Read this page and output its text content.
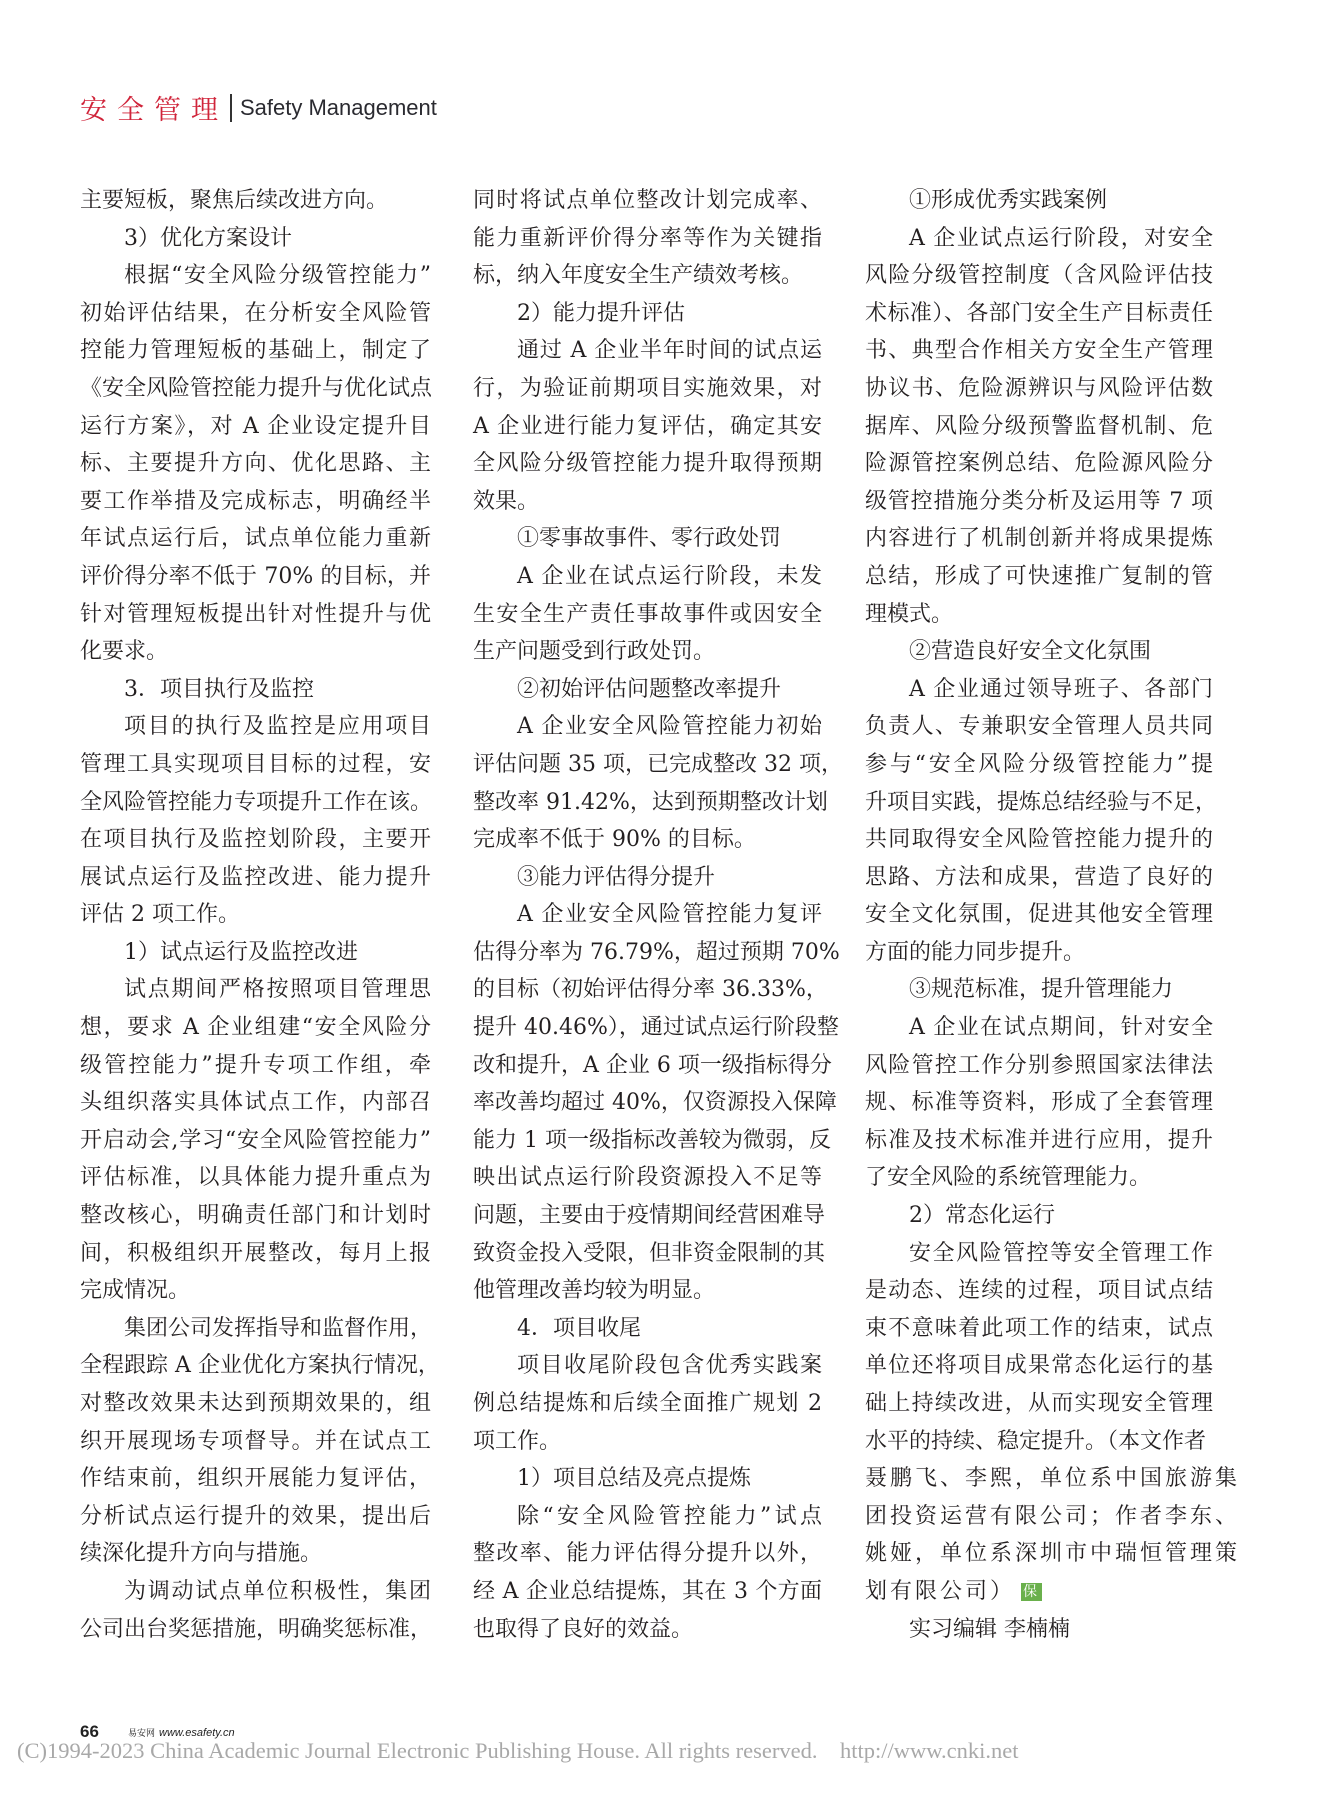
安全管理 Safety Management
主要短板，聚焦后续改进方向。
3）优化方案设计
根据“安全风险分级管控能力”
初始评估结果，在分析安全风险管
控能力管理短板的基础上，制定了
《安全风险管控能力提升与优化试点
运行方案》，对 A 企业设定提升目
标、主要提升方向、优化思路、主
要工作举措及完成标志，明确经半
年试点运行后，试点单位能力重新
评价得分率不低于 70% 的目标，并
针对管理短板提出针对性提升与优
化要求。
3．项目执行及监控
项目的执行及监控是应用项目
管理工具实现项目目标的过程，安
全风险管控能力专项提升工作在该。
在项目执行及监控划阶段，主要开
展试点运行及监控改进、能力提升
评估 2 项工作。
1）试点运行及监控改进
试点期间严格按照项目管理思
想，要求 A 企业组建“安全风险分
级管控能力”提升专项工作组，牵
头组织落实具体试点工作，内部召
开启动会,学习“安全风险管控能力”
评估标准，以具体能力提升重点为
整改核心，明确责任部门和计划时
间，积极组织开展整改，每月上报
完成情况。
集团公司发挥指导和监督作用，
全程跟踪 A 企业优化方案执行情况，
对整改效果未达到预期效果的，组
织开展现场专项督导。并在试点工
作结束前，组织开展能力复评估，
分析试点运行提升的效果，提出后
续深化提升方向与措施。
为调动试点单位积极性，集团
公司出台奖惩措施，明确奖惩标准，
同时将试点单位整改计划完成率、
能力重新评价得分率等作为关键指
标，纳入年度安全生产绩效考核。
2）能力提升评估
通过 A 企业半年时间的试点运
行，为验证前期项目实施效果，对
A 企业进行能力复评估，确定其安
全风险分级管控能力提升取得预期
效果。
①零事故事件、零行政处罚
A 企业在试点运行阶段，未发
生安全生产责任事故事件或因安全
生产问题受到行政处罚。
②初始评估问题整改率提升
A 企业安全风险管控能力初始
评估问题 35 项，已完成整改 32 项，
整改率 91.42%，达到预期整改计划
完成率不低于 90% 的目标。
③能力评估得分提升
A 企业安全风险管控能力复评
估得分率为 76.79%，超过预期 70%
的目标（初始评估得分率 36.33%，
提升 40.46%），通过试点运行阶段整
改和提升，A 企业 6 项一级指标得分
率改善均超过 40%，仅资源投入保障
能力 1 项一级指标改善较为微弱，反
映出试点运行阶段资源投入不足等
问题，主要由于疫情期间经营困难导
致资金投入受限，但非资金限制的其
他管理改善均较为明显。
4．项目收尾
项目收尾阶段包含优秀实践案
例总结提炼和后续全面推广规划 2
项工作。
1）项目总结及亮点提炼
除“安全风险管控能力”试点
整改率、能力评估得分提升以外，
经 A 企业总结提炼，其在 3 个方面
也取得了良好的效益。
①形成优秀实践案例
A 企业试点运行阶段，对安全
风险分级管控制度（含风险评估技
术标准）、各部门安全生产目标责任
书、典型合作相关方安全生产管理
协议书、危险源辨识与风险评估数
据库、风险分级预警监督机制、危
险源管控案例总结、危险源风险分
级管控措施分类分析及运用等 7 项
内容进行了机制创新并将成果提炼
总结，形成了可快速推广复制的管
理模式。
②营造良好安全文化氛围
A 企业通过领导班子、各部门
负责人、专兼职安全管理人员共同
参与“安全风险分级管控能力”提
升项目实践，提炼总结经验与不足，
共同取得安全风险管控能力提升的
思路、方法和成果，营造了良好的
安全文化氛围，促进其他安全管理
方面的能力同步提升。
③规范标准，提升管理能力
A 企业在试点期间，针对安全
风险管控工作分别参照国家法律法
规、标准等资料，形成了全套管理
标准及技术标准并进行应用，提升
了安全风险的系统管理能力。
2）常态化运行
安全风险管控等安全管理工作
是动态、连续的过程，项目试点结
束不意味着此项工作的结束，试点
单位还将项目成果常态化运行的基
础上持续改进，从而实现安全管理
水平的持续、稳定提升。（本文作者
聂鹏飞、李熙，单位系中国旅游集
团投资运营有限公司；作者李东、
姚娅，单位系深圳市中瑞恒管理策
划有限公司） 保
实习编辑 李楠楠
66	易安网 www.esafety.cn
(C)1994-2023 China Academic Journal Electronic Publishing House. All rights reserved.    http://www.cnki.net
